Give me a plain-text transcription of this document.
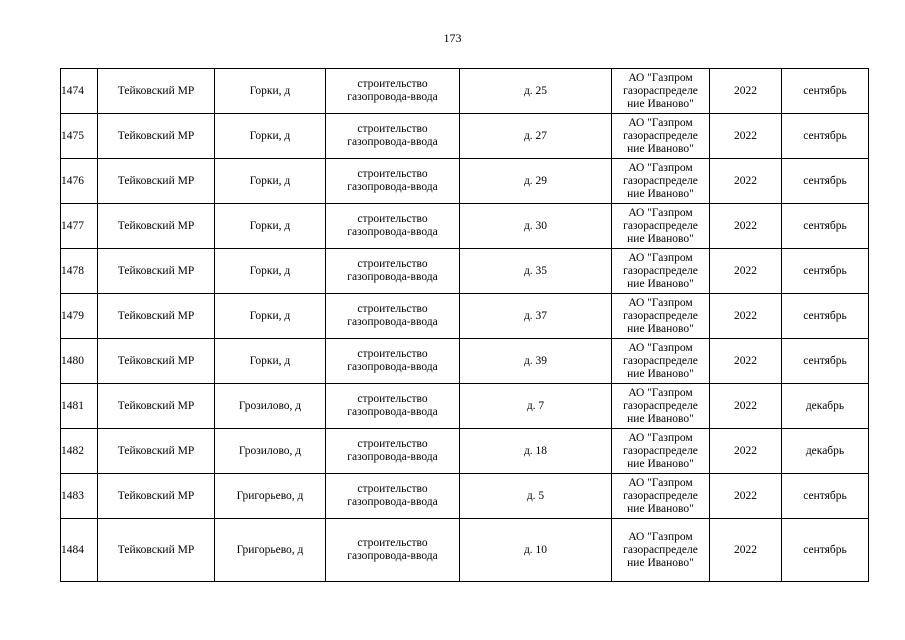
173
1474	Тейковский МР	Горки, д	строительство
газопровода-ввода	д. 25	АО "Газпром
газораспределе
ние Иваново"	2022	сентябрь
1475	Тейковский МР	Горки, д	строительство
газопровода-ввода	д. 27	АО "Газпром
газораспределе
ние Иваново"	2022	сентябрь
1476	Тейковский МР	Горки, д	строительство
газопровода-ввода	д. 29	АО "Газпром
газораспределе
ние Иваново"	2022	сентябрь
1477	Тейковский МР	Горки, д	строительство
газопровода-ввода	д. 30	АО "Газпром
газораспределе
ние Иваново"	2022	сентябрь
1478	Тейковский МР	Горки, д	строительство
газопровода-ввода	д. 35	АО "Газпром
газораспределе
ние Иваново"	2022	сентябрь
1479	Тейковский МР	Горки, д	строительство
газопровода-ввода	д. 37	АО "Газпром
газораспределе
ние Иваново"	2022	сентябрь
1480	Тейковский МР	Горки, д	строительство
газопровода-ввода	д. 39	АО "Газпром
газораспределе
ние Иваново"	2022	сентябрь
1481	Тейковский МР	Грозилово, д	строительство
газопровода-ввода	д. 7	АО "Газпром
газораспределе
ние Иваново"	2022	декабрь
1482	Тейковский МР	Грозилово, д	строительство
газопровода-ввода	д. 18	АО "Газпром
газораспределе
ние Иваново"	2022	декабрь
1483	Тейковский МР	Григорьево, д	строительство
газопровода-ввода	д. 5	АО "Газпром
газораспределе
ние Иваново"	2022	сентябрь
1484	Тейковский МР	Григорьево, д	строительство
газопровода-ввода	д. 10	АО "Газпром
газораспределе
ние Иваново"	2022	сентябрь
